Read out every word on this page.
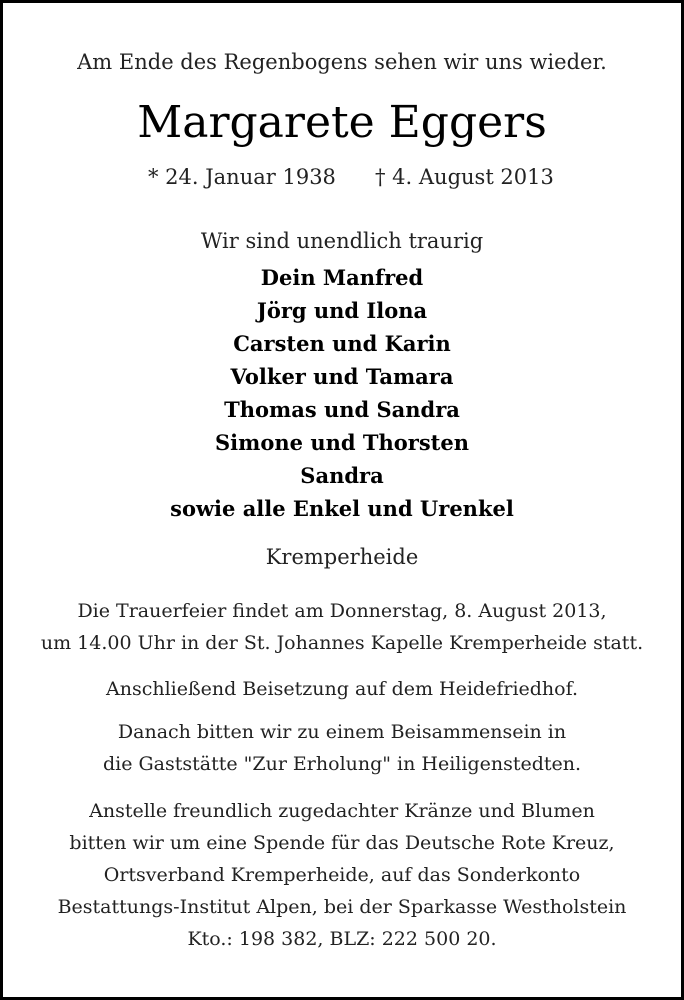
Am Ende des Regenbogens sehen wir uns wieder.
Margarete Eggers
* 24. Januar 1938 † 4. August 2013
Wir sind unendlich traurig
Dein Manfred
Jörg und Ilona
Carsten und Karin
Volker und Tamara
Thomas und Sandra
Simone und Thorsten
Sandra
sowie alle Enkel und Urenkel
Kremperheide
Die Trauerfeier findet am Donnerstag, 8. August 2013,
um 14.00 Uhr in der St. Johannes Kapelle Kremperheide statt.
Anschließend Beisetzung auf dem Heidefriedhof.
Danach bitten wir zu einem Beisammensein in
die Gaststätte "Zur Erholung" in Heiligenstedten.
Anstelle freundlich zugedachter Kränze und Blumen
bitten wir um eine Spende für das Deutsche Rote Kreuz,
Ortsverband Kremperheide, auf das Sonderkonto
Bestattungs-Institut Alpen, bei der Sparkasse Westholstein
Kto.: 198 382, BLZ: 222 500 20.
